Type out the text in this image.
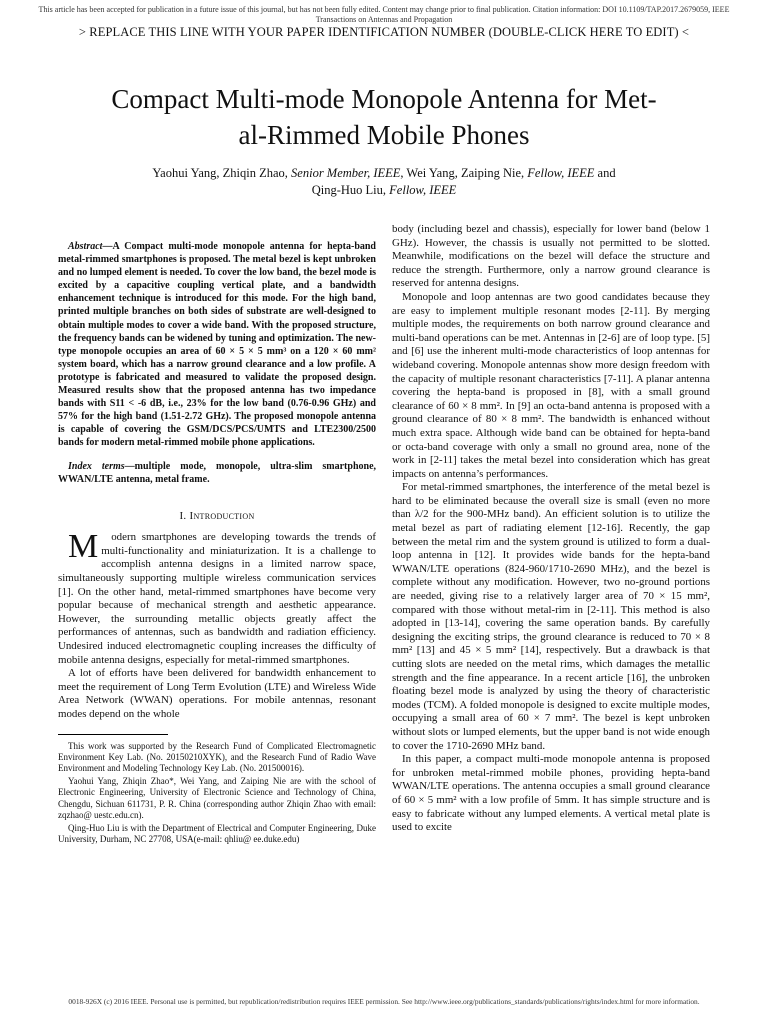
This article has been accepted for publication in a future issue of this journal, but has not been fully edited. Content may change prior to final publication. Citation information: DOI 10.1109/TAP.2017.2679059, IEEE
Transactions on Antennas and Propagation
> REPLACE THIS LINE WITH YOUR PAPER IDENTIFICATION NUMBER (DOUBLE-CLICK HERE TO EDIT) <
Compact Multi-mode Monopole Antenna for Met-
al-Rimmed Mobile Phones
Yaohui Yang, Zhiqin Zhao, Senior Member, IEEE, Wei Yang, Zaiping Nie, Fellow, IEEE and
Qing-Huo Liu, Fellow, IEEE
Abstract—A Compact multi-mode monopole antenna for hepta-band metal-rimmed smartphones is proposed. The metal bezel is kept unbroken and no lumped element is needed. To cover the low band, the bezel mode is excited by a capacitive coupling vertical plate, and a bandwidth enhancement technique is introduced for this mode. For the high band, printed multiple branches on both sides of substrate are well-designed to obtain multiple modes to cover a wide band. With the proposed structure, the frequency bands can be widened by tuning and optimization. The new-type monopole occupies an area of 60 × 5 × 5 mm³ on a 120 × 60 mm² system board, which has a narrow ground clearance and a low profile. A prototype is fabricated and measured to validate the proposed design. Measured results show that the proposed antenna has two impedance bands with S11 < -6 dB, i.e., 23% for the low band (0.76-0.96 GHz) and 57% for the high band (1.51-2.72 GHz). The proposed monopole antenna is capable of covering the GSM/DCS/PCS/UMTS and LTE2300/2500 bands for modern metal-rimmed mobile phone applications.
Index terms—multiple mode, monopole, ultra-slim smartphone, WWAN/LTE antenna, metal frame.
I. Introduction

M odern smartphones are developing towards the trends of multi-functionality and miniaturization. It is a challenge to accomplish antenna designs in a limited narrow space, simultaneously supporting multiple wireless communication services [1]. On the other hand, metal-rimmed smartphones have become very popular because of mechanical strength and aesthetic appearance. However, the surrounding metallic objects greatly affect the performances of antennas, such as bandwidth and radiation efficiency. Undesired induced electromagnetic coupling increases the difficulty of mobile antenna designs, especially for metal-rimmed smartphones.

A lot of efforts have been delivered for bandwidth enhancement to meet the requirement of Long Term Evolution (LTE) and Wireless Wide Area Network (WWAN) operations. For mobile antennas, resonant modes depend on the whole

This work was supported by the Research Fund of Complicated Electromagnetic Environment Key Lab. (No. 20150210XYK), and the Research Fund of Radio Wave Environment and Modeling Technology Key Lab. (No. 201500016).

Yaohui Yang, Zhiqin Zhao*, Wei Yang, and Zaiping Nie are with the school of Electronic Engineering, University of Electronic Science and Technology of China, Chengdu, Sichuan 611731, P. R. China (corresponding author Zhiqin Zhao with email: zqzhao@ uestc.edu.cn).

Qing-Huo Liu is with the Department of Electrical and Computer Engineering, Duke University, Durham, NC 27708, USA(e-mail: qhliu@ ee.duke.edu)

body (including bezel and chassis), especially for lower band (below 1 GHz). However, the chassis is usually not permitted to be slotted. Meanwhile, modifications on the bezel will deface the structure and reduce the strength. Furthermore, only a narrow ground clearance is reserved for antenna designs.

Monopole and loop antennas are two good candidates because they are easy to implement multiple resonant modes [2-11]. By merging multiple modes, the requirements on both narrow ground clearance and multi-band operations can be met. Antennas in [2-6] are of loop type. [5] and [6] use the inherent multi-mode characteristics of loop antennas for wideband covering. Monopole antennas show more design freedom with the capacity of multiple resonant characteristics [7-11]. A planar antenna covering the hepta-band is proposed in [8], with a small ground clearance of 60 × 8 mm². In [9] an octa-band antenna is proposed with a ground clearance of 80 × 8 mm². The bandwidth is enhanced without much extra space. Although wide band can be obtained for hepta-band or octa-band coverage with only a small no ground area, none of the work in [2-11] takes the metal bezel into consideration which has great impacts on antenna’s performances.

For metal-rimmed smartphones, the interference of the metal bezel is hard to be eliminated because the overall size is small (even no more than λ/2 for the 900-MHz band). An efficient solution is to utilize the metal bezel as part of radiating element [12-16]. Recently, the gap between the metal rim and the system ground is utilized to form a dual-loop antenna in [12]. It provides wide bands for the hepta-band WWAN/LTE operations (824-960/1710-2690 MHz), and the bezel is complete without any modification. However, two no-ground portions are needed, giving rise to a relatively larger area of 70 × 15 mm², compared with those without metal-rim in [2-11]. This method is also adopted in [13-14], covering the same operation bands. By carefully designing the exciting strips, the ground clearance is reduced to 70 × 8 mm² [13] and 45 × 5 mm² [14], respectively. But a drawback is that cutting slots are needed on the metal rims, which damages the metallic strength and the fine appearance. In a recent article [16], the unbroken floating bezel mode is analyzed by using the theory of characteristic modes (TCM). A folded monopole is designed to excite multiple modes, occupying a small area of 60 × 7 mm². The bezel is kept unbroken without slots or lumped elements, but the upper band is not wide enough to cover the 1710-2690 MHz band.

In this paper, a compact multi-mode monopole antenna is proposed for unbroken metal-rimmed mobile phones, providing hepta-band WWAN/LTE operations. The antenna occupies a small ground clearance of 60 × 5 mm² with a low profile of 5mm. It has simple structure and is easy to fabricate without any lumped elements. A vertical metal plate is used to excite

0018-926X (c) 2016 IEEE. Personal use is permitted, but republication/redistribution requires IEEE permission. See http://www.ieee.org/publications_standards/publications/rights/index.html for more information.
